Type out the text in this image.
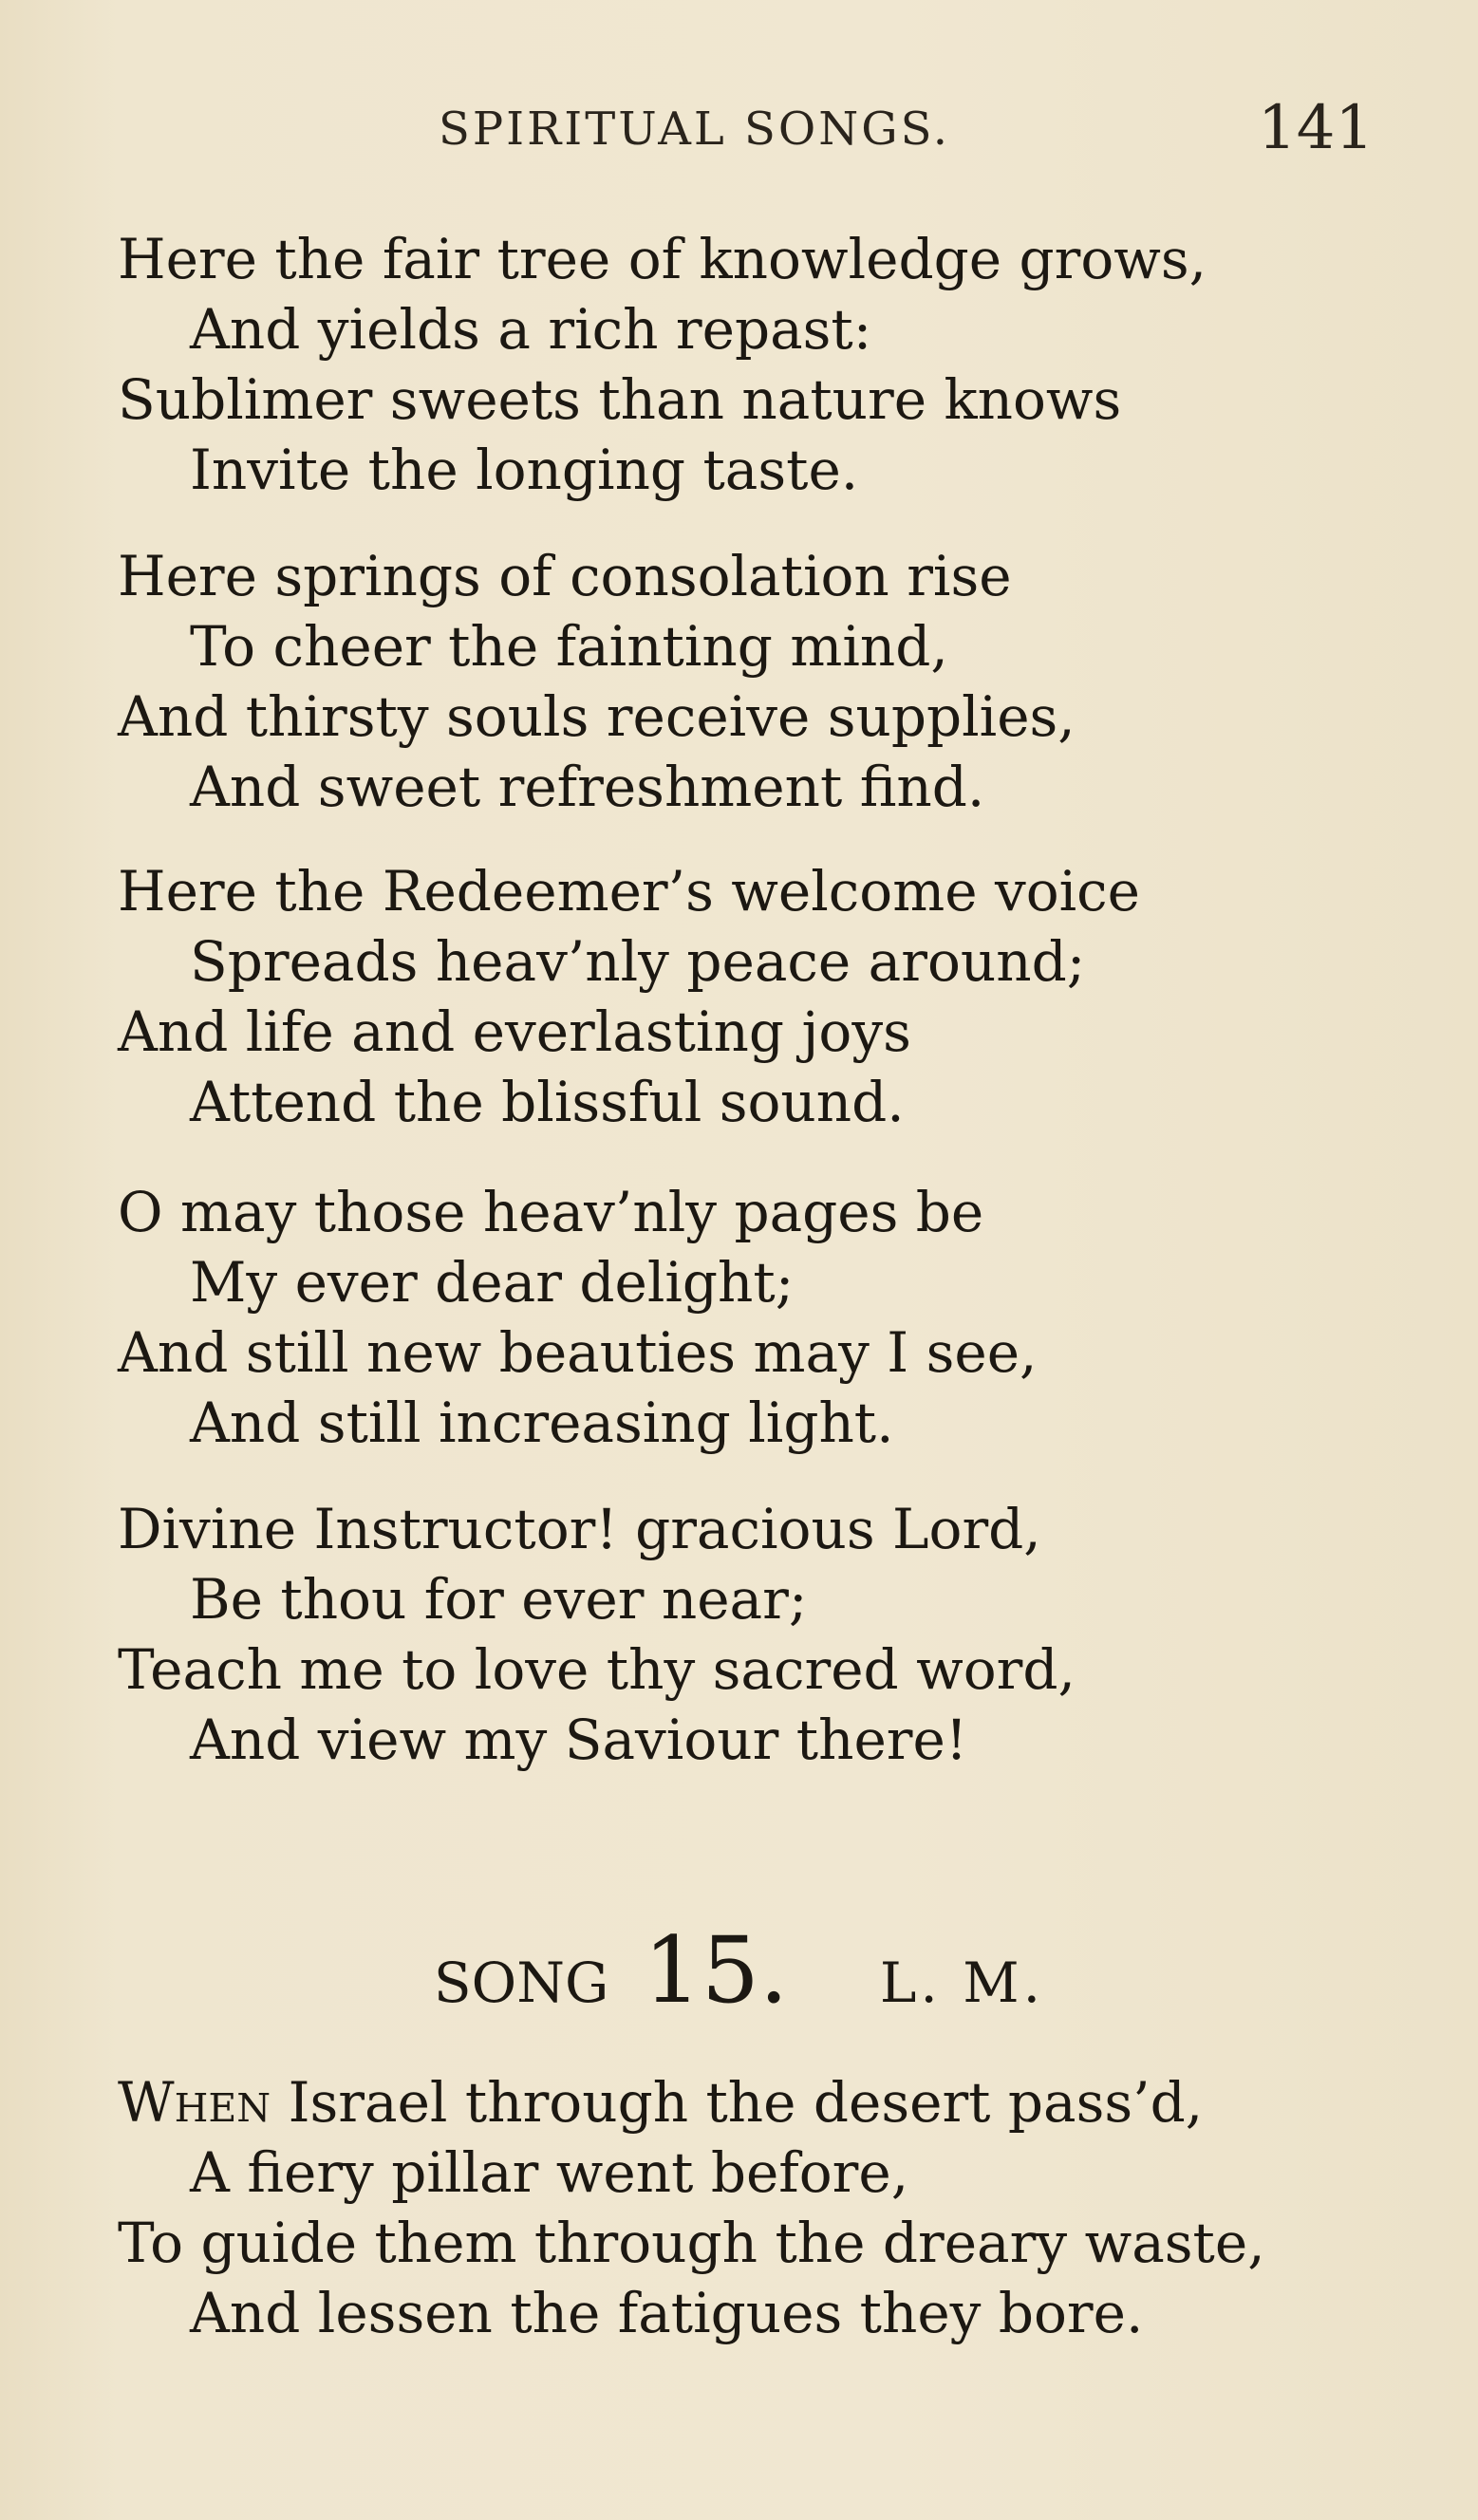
SPIRITUAL SONGS.	141
Here the fair tree of knowledge grows,
And yields a rich repast:
Sublimer sweets than nature knows
Invite the longing taste.
Here springs of consolation rise
To cheer the fainting mind,
And thirsty souls receive supplies,
And sweet refreshment find.
Here the Redeemer’s welcome voice
Spreads heav’nly peace around;
And life and everlasting joys
Attend the blissful sound.
O may those heav’nly pages be
My ever dear delight;
And still new beauties may I see,
And still increasing light.
Divine Instructor! gracious Lord,
Be thou for ever near;
Teach me to love thy sacred word,
And view my Saviour there!
SONG 15. L. M.
When Israel through the desert pass’d,
A fiery pillar went before,
To guide them through the dreary waste,
And lessen the fatigues they bore.
